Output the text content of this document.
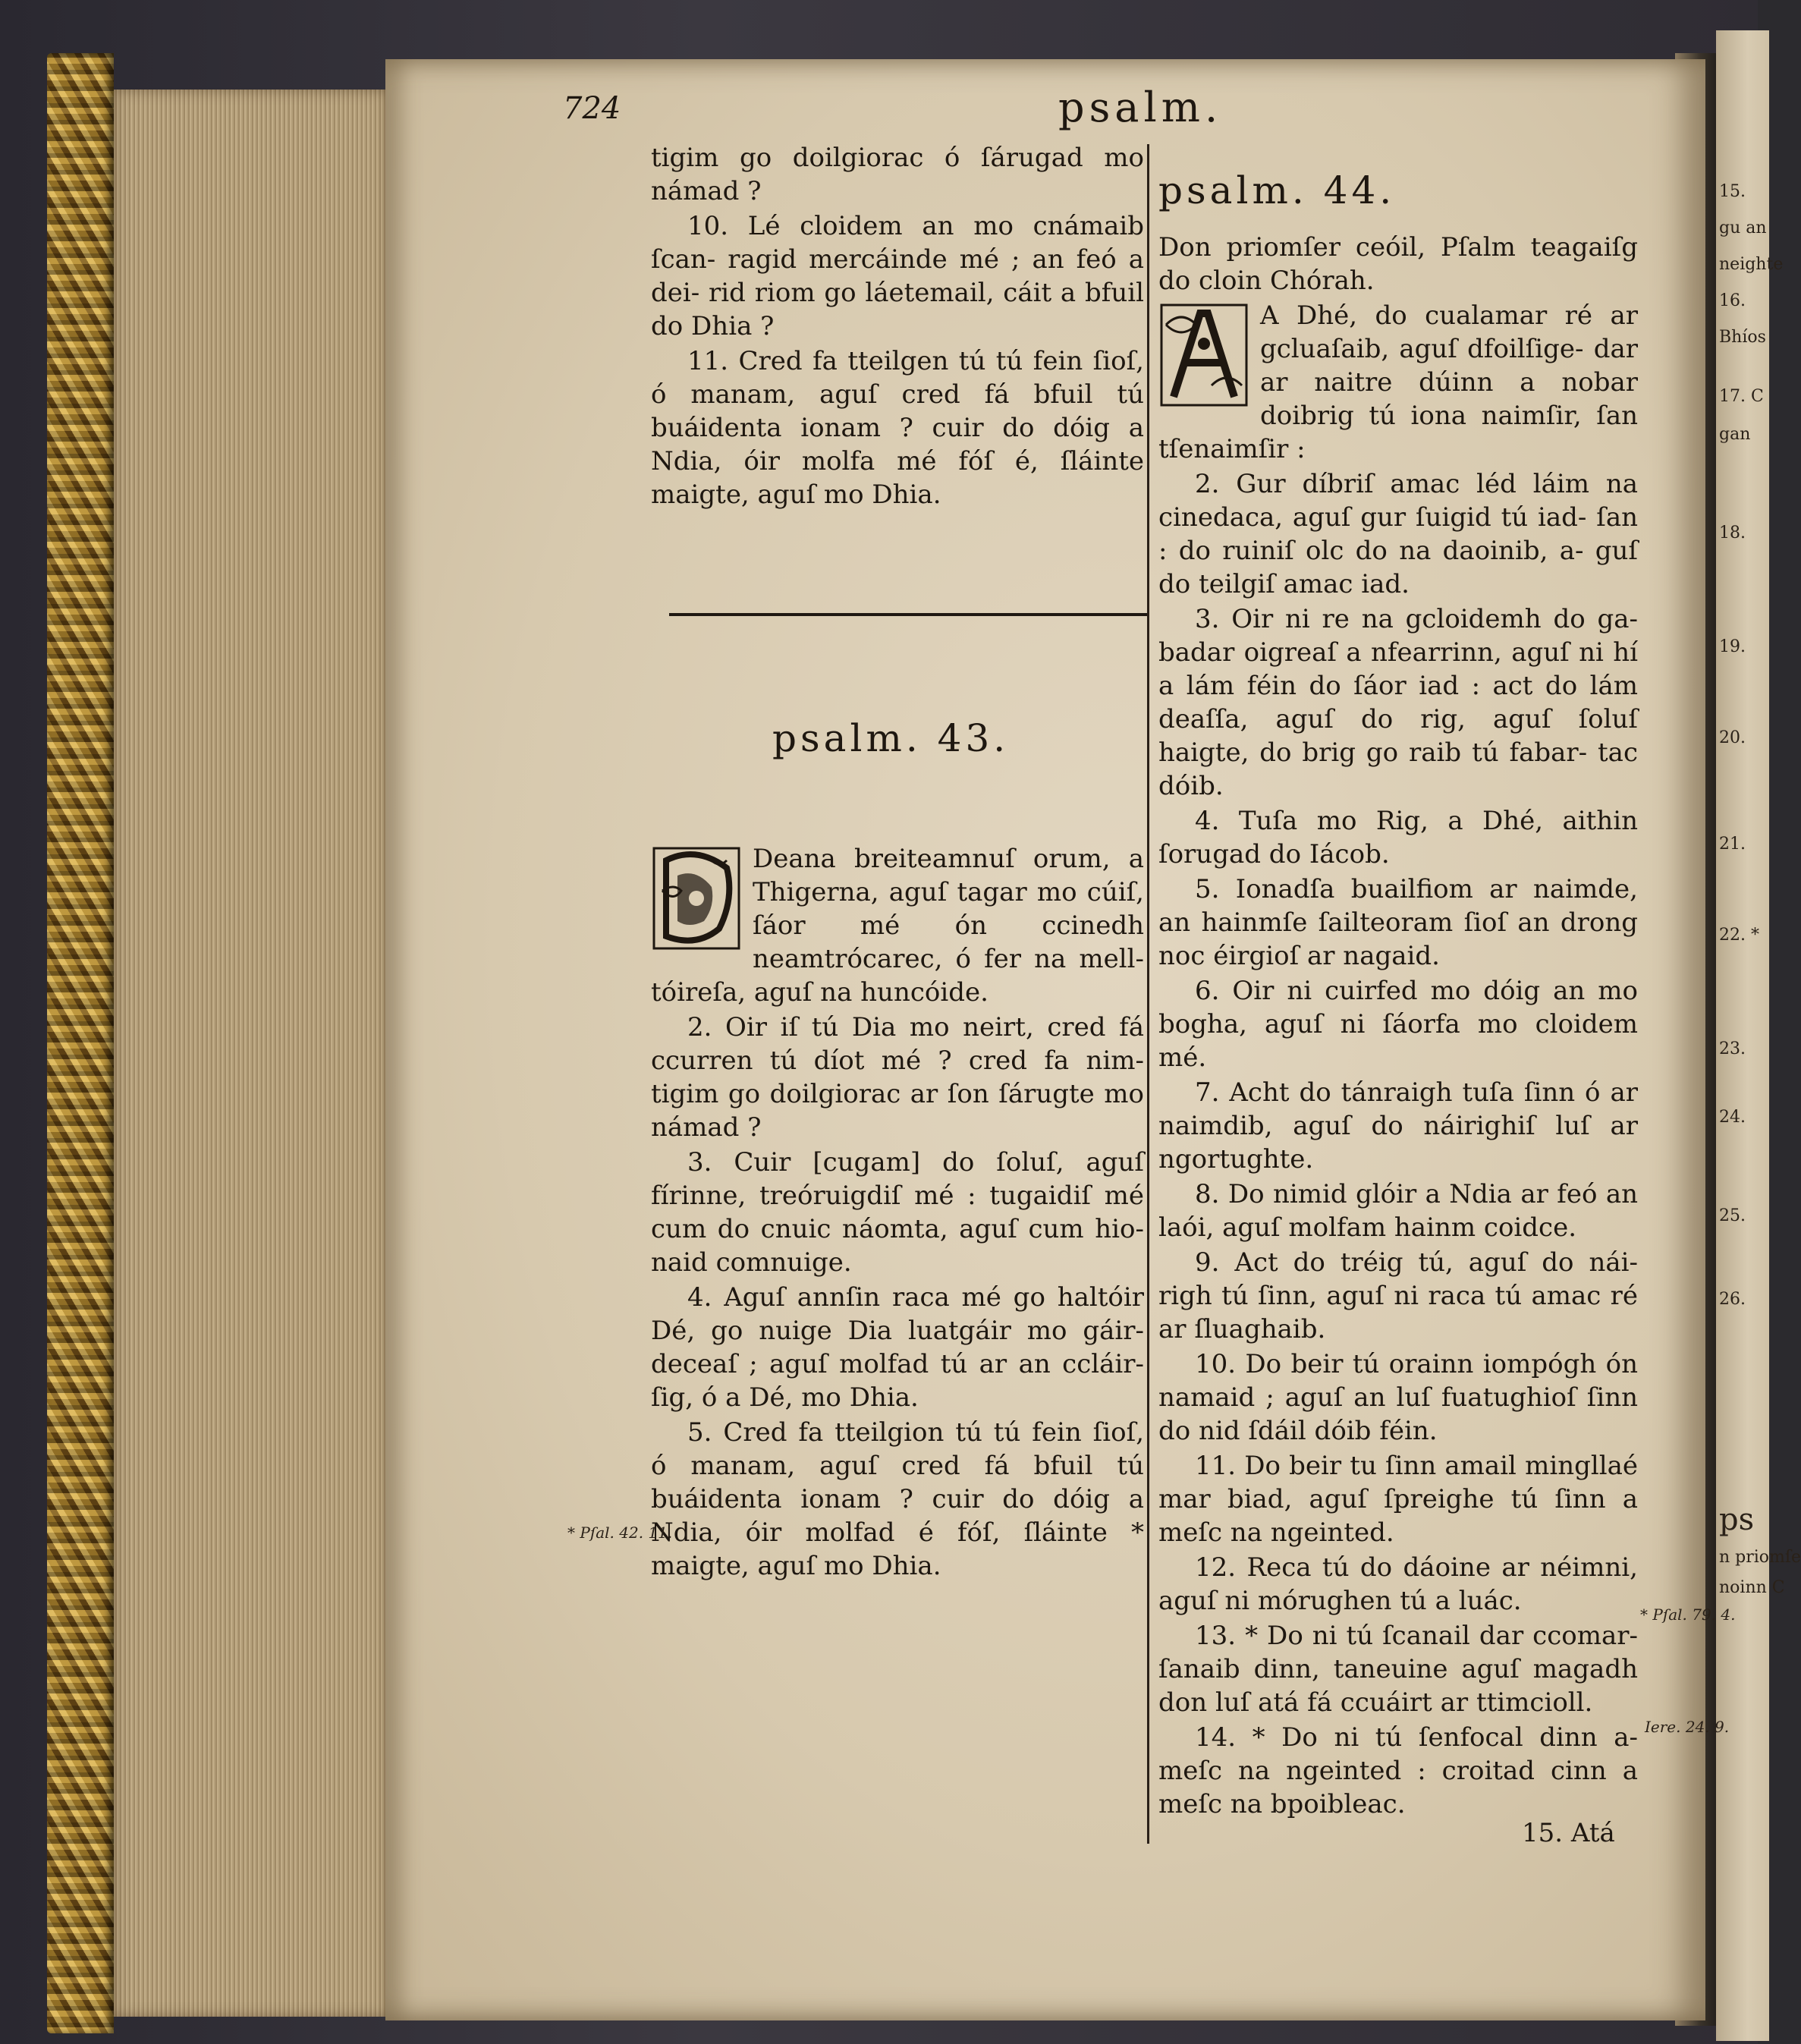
15.
gu an
neighte
16.
Bhíos
17. C
gan
18.
19.
20.
21.
22. *
23.
24.
25.
26.
ps
n priomſe
noinn C
724	psalm.

tigim go doilgiorac ó ſárugad mo námad ?

10. Lé cloidem an mo cnámaib ſcan- ragid mercáinde mé ; an feó a dei- rid riom go láetemail, cáit a bfuil do Dhia ?

11. Cred fa tteilgen tú tú fein ſioſ, ó manam, aguſ cred fá bfuil tú buáidenta ionam ? cuir do dóig a Ndia, óir molfa mé fóſ é, ſláinte maigte, aguſ mo Dhia.

psalm. 43.

Deana breiteamnuſ orum, a Thigerna, aguſ tagar mo cúiſ, ſáor mé ón ccinedh neamtrócarec, ó fer na mell- tóireſa, aguſ na huncóide.

2. Oir iſ tú Dia mo neirt, cred fá ccurren tú díot mé ? cred fa nim- tigim go doilgiorac ar ſon ſárugte mo námad ?

3. Cuir [cugam] do ſoluſ, aguſ fírinne, treóruigdiſ mé : tugaidiſ mé cum do cnuic náomta, aguſ cum hio- naid comnuige.

4. Aguſ annſin raca mé go haltóir Dé, go nuige Dia luatgáir mo gáir- deceaſ ; aguſ molfad tú ar an ccláir- ſig, ó a Dé, mo Dhia.

5. Cred fa tteilgion tú tú fein ſioſ, ó manam, aguſ cred fá bfuil tú buáidenta ionam ? cuir do dóig a Ndia, óir molfad é fóſ, ſláinte * maigte, aguſ mo Dhia.

* Pſal. 42. 11.
psalm. 44.

Don priomſer ceóil, Pſalm teagaiſg do cloin Chórah.

A Dhé, do cualamar ré ar gcluaſaib, aguſ dfoilſige- dar ar naitre dúinn a nobar doibrig tú iona naimſir, ſan tſenaimſir :

2. Gur díbriſ amac léd láim na cinedaca, aguſ gur ſuigid tú iad- ſan : do ruiniſ olc do na daoinib, a- guſ do teilgiſ amac iad.

3. Oir ni re na gcloidemh do ga- badar oigreaſ a nfearrinn, aguſ ni hí a lám féin do ſáor iad : act do lám deaſſa, aguſ do rig, aguſ ſoluſ haigte, do brig go raib tú fabar- tac dóib.

4. Tuſa mo Rig, a Dhé, aithin ſorugad do Iácob.

5. Ionadſa buailfiom ar naimde, an hainmſe ſailteoram ſioſ an drong noc éirgioſ ar nagaid.

6. Oir ni cuirfed mo dóig an mo bogha, aguſ ni ſáorfa mo cloidem mé.

7. Acht do tánraigh tuſa ſinn ó ar naimdib, aguſ do náirighiſ luſ ar ngortughte.

8. Do nimid glóir a Ndia ar feó an laói, aguſ molfam hainm coidce.

9. Act do tréig tú, aguſ do nái- righ tú ſinn, aguſ ni raca tú amac ré ar ſluaghaib.

10. Do beir tú orainn iompógh ón namaid ; aguſ an luſ fuatughioſ ſinn do nid ſdáil dóib féin.

11. Do beir tu ſinn amail mingllaé mar biad, aguſ ſpreighe tú ſinn a meſc na ngeinted.

12. Reca tú do dáoine ar néimni, aguſ ni mórughen tú a luác.

13. * Do ni tú ſcanail dar ccomar- ſanaib dinn, taneuine aguſ magadh don luſ atá fá ccuáirt ar ttimcioll.

14. * Do ni tú ſenfocal dinn a- meſc na ngeinted : croitad cinn a meſc na bpoibleac.

* Pſal. 79. 4.
Iere. 24. 9.
15. Atá
